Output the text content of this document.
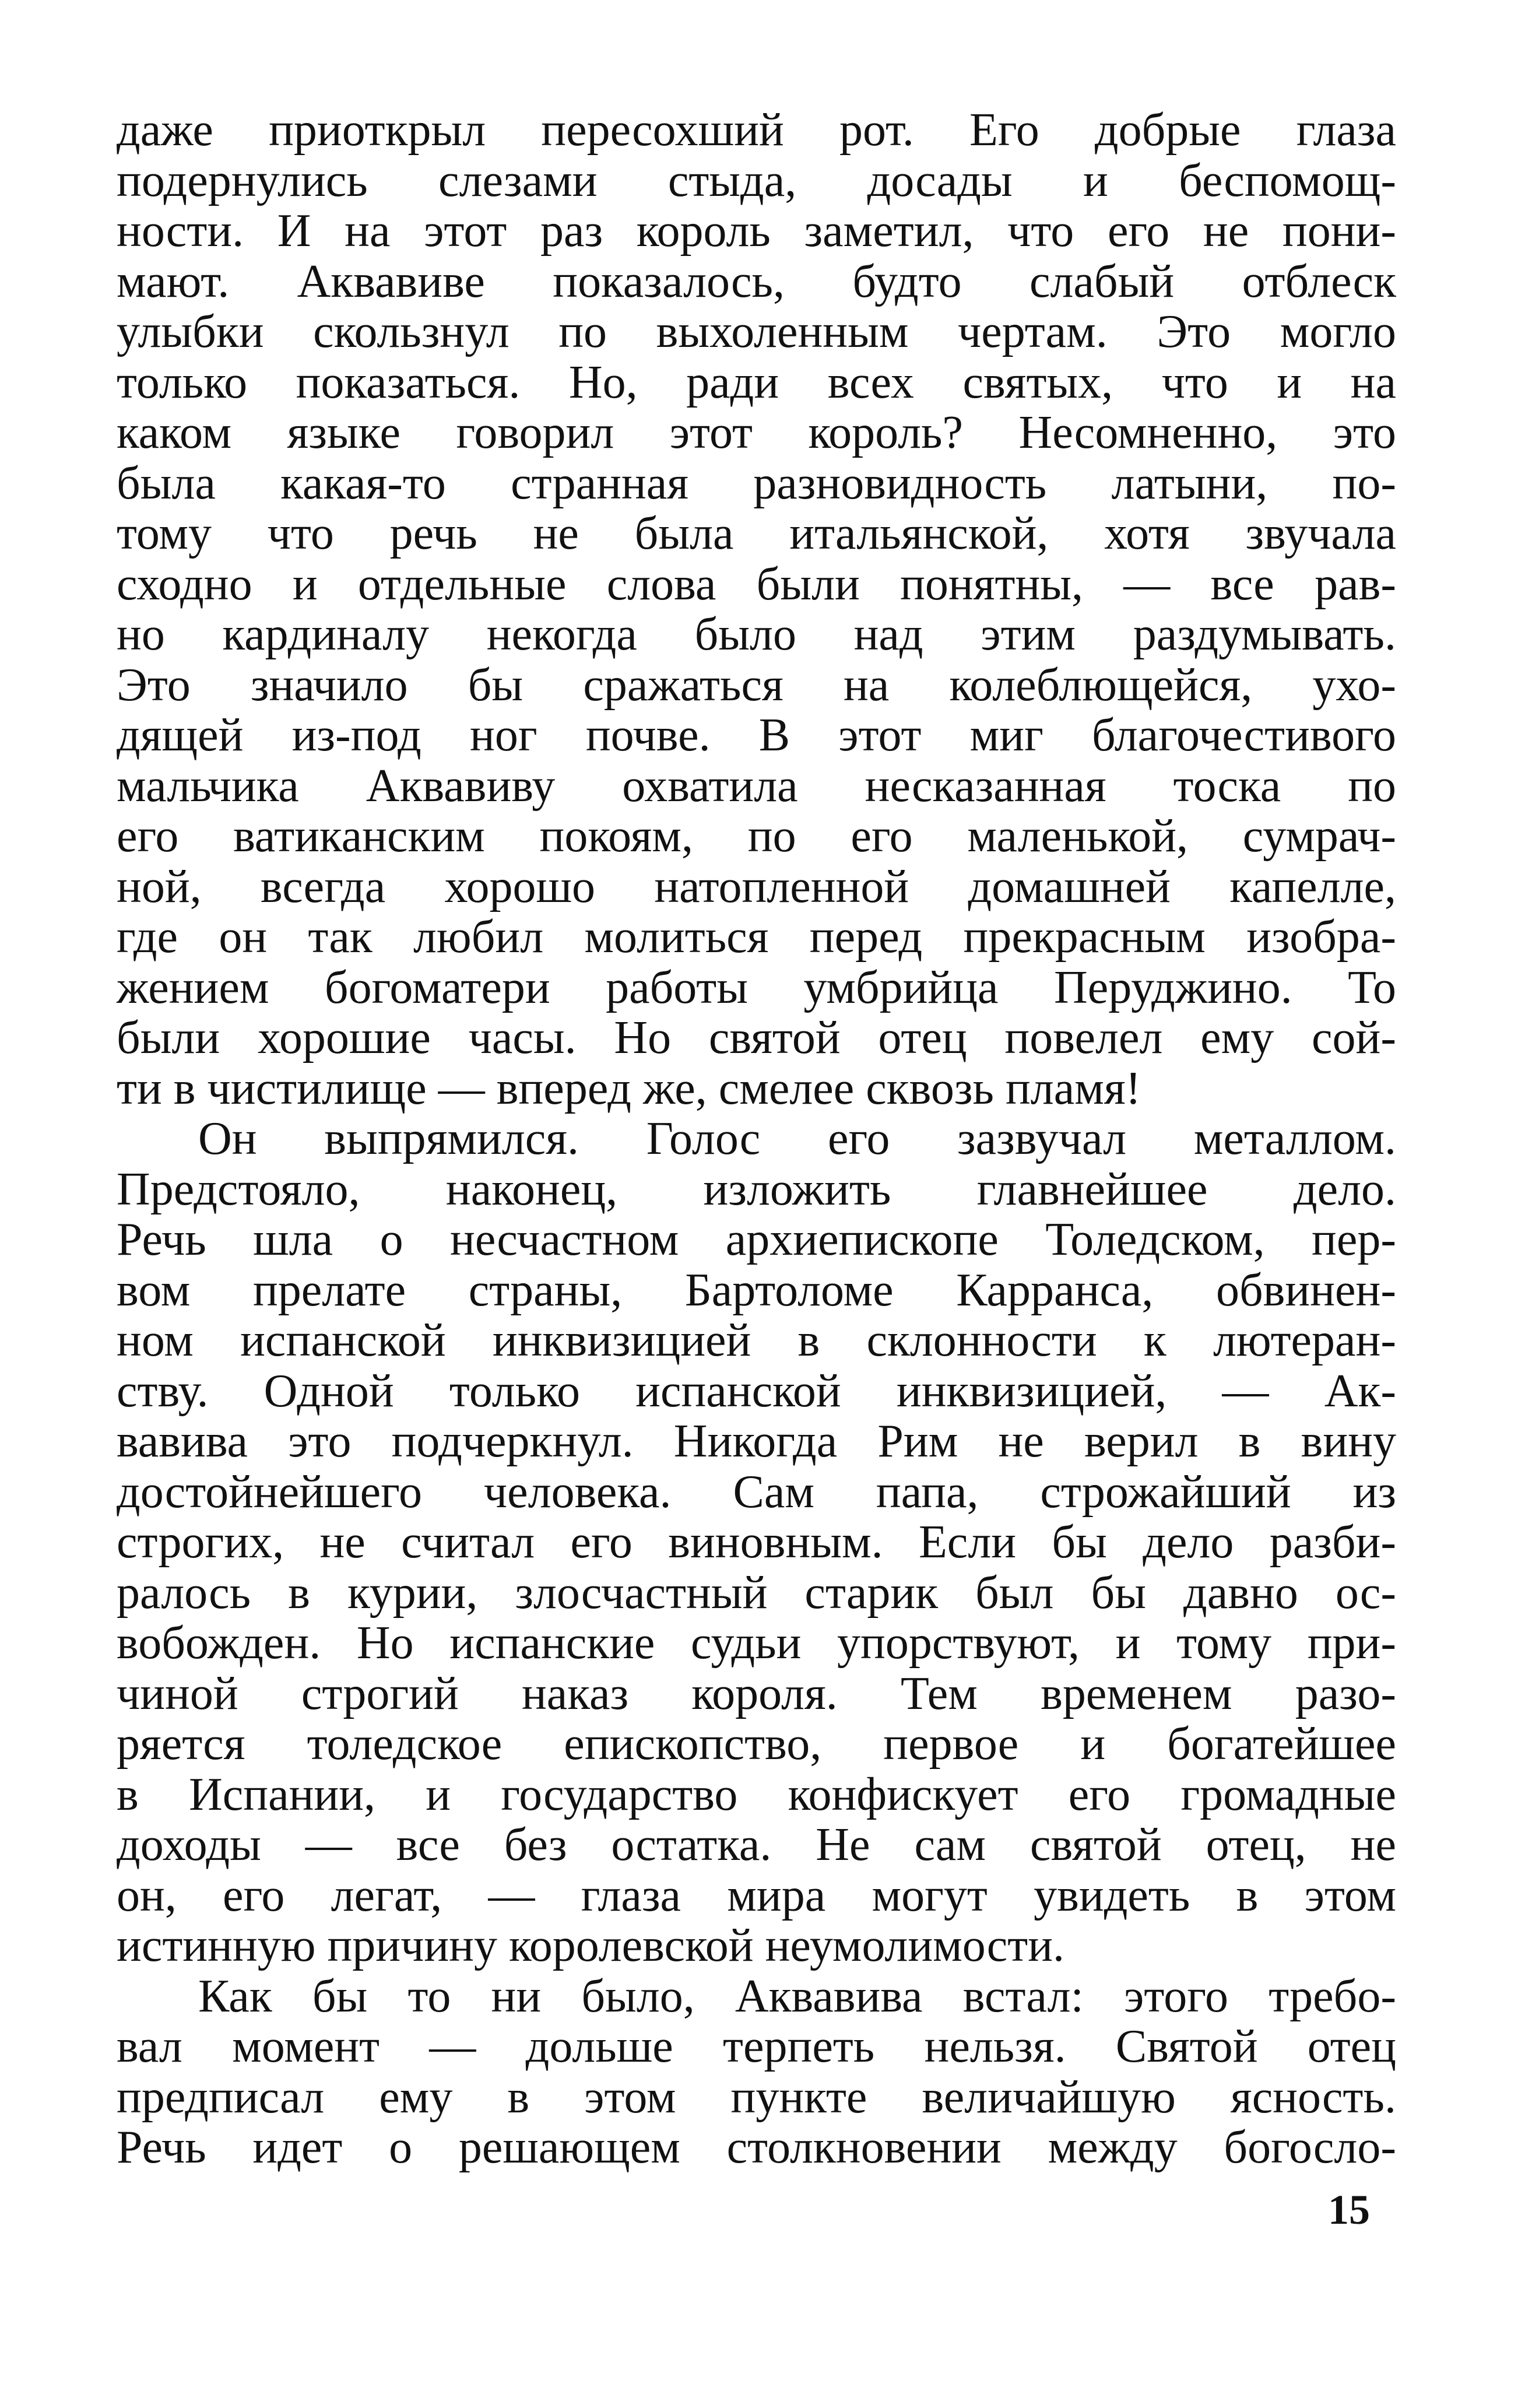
даже приоткрыл пересохший рот. Его добрые глаза
подернулись слезами стыда, досады и беспомощ-
ности. И на этот раз король заметил, что его не пони-
мают. Аквавиве показалось, будто слабый отблеск
улыбки скользнул по выхоленным чертам. Это могло
только показаться. Но, ради всех святых, что и на
каком языке говорил этот король? Несомненно, это
была какая-то странная разновидность латыни, по-
тому что речь не была итальянской, хотя звучала
сходно и отдельные слова были понятны, — все рав-
но кардиналу некогда было над этим раздумывать.
Это значило бы сражаться на колеблющейся, ухо-
дящей из-под ног почве. В этот миг благочестивого
мальчика Аквавиву охватила несказанная тоска по
его ватиканским покоям, по его маленькой, сумрач-
ной, всегда хорошо натопленной домашней капелле,
где он так любил молиться перед прекрасным изобра-
жением богоматери работы умбрийца Перуджино. То
были хорошие часы. Но святой отец повелел ему сой-
ти в чистилище — вперед же, смелее сквозь пламя!
Он выпрямился. Голос его зазвучал металлом.
Предстояло, наконец, изложить главнейшее дело.
Речь шла о несчастном архиепископе Толедском, пер-
вом прелате страны, Бартоломе Карранса, обвинен-
ном испанской инквизицией в склонности к лютеран-
ству. Одной только испанской инквизицией, — Ак-
вавива это подчеркнул. Никогда Рим не верил в вину
достойнейшего человека. Сам папа, строжайший из
строгих, не считал его виновным. Если бы дело разби-
ралось в курии, злосчастный старик был бы давно ос-
вобожден. Но испанские судьи упорствуют, и тому при-
чиной строгий наказ короля. Тем временем разо-
ряется толедское епископство, первое и богатейшее
в Испании, и государство конфискует его громадные
доходы — все без остатка. Не сам святой отец, не
он, его легат, — глаза мира могут увидеть в этом
истинную причину королевской неумолимости.
Как бы то ни было, Аквавива встал: этого требо-
вал момент — дольше терпеть нельзя. Святой отец
предписал ему в этом пункте величайшую ясность.
Речь идет о решающем столкновении между богосло-
15
